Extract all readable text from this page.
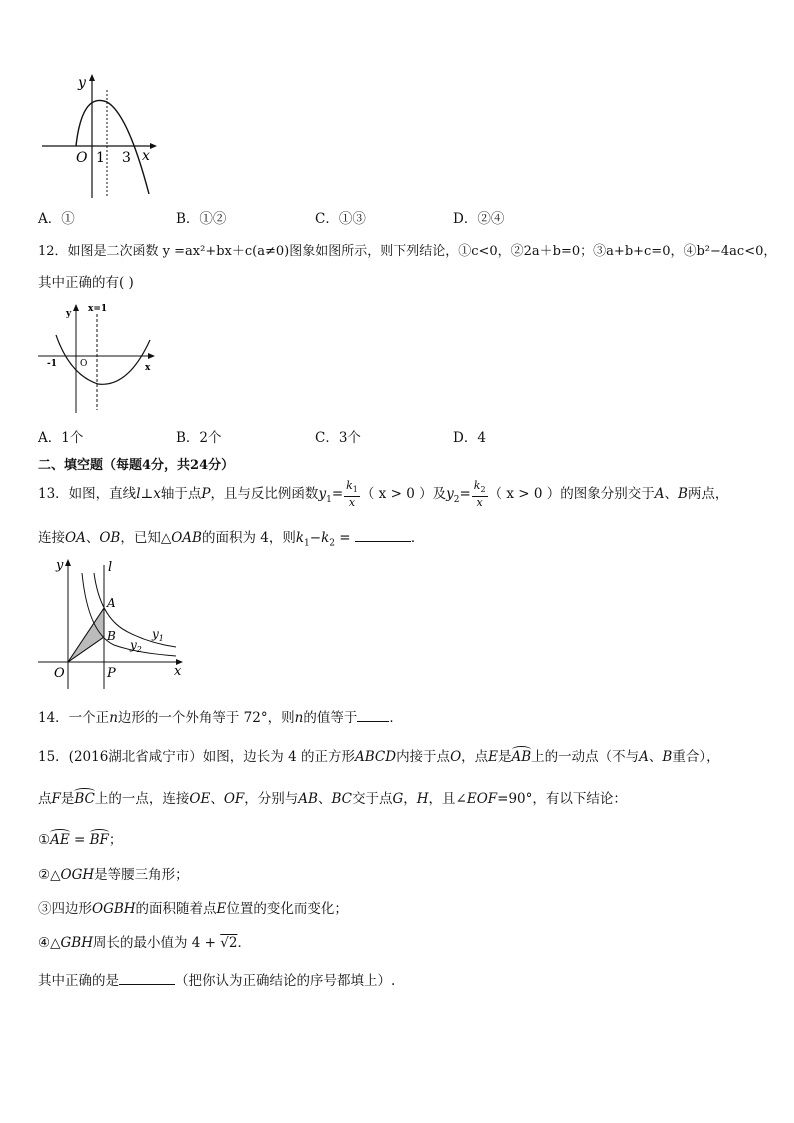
y
O 1 3 x
A．①	B．①②	C．①③	D．②④
12．如图是二次函数 y =ax²+bx＋c(a≠0)图象如图所示，则下列结论，①c<0，②2a＋b=0；③a+b+c=0，④b²−4ac<0，
其中正确的有( )
x=1
y
-1	O	x
A．1个	B．2个	C．3个	D．4
二、填空题（每题4分，共24分）
13．如图，直线l⊥x轴于点P，且与反比例函数$y_1= \frac{k_1}{x}$ （ x > 0 ）及$y_2= \frac{k_2}{x}$ （ x > 0 ）的图象分别交于A、B两点，
连接OA、OB，已知△OAB的面积为 4，则$k_1-k_2$ =	．
y	l
A
B	$y_1$
$y_2$
O	P	x
14．一个正n边形的一个外角等于 72°，则n的值等于 ．
15．(2016湖北省咸宁市）如图，边长为 4 的正方形ABCD内接于点O，点E是AB上的一动点（不与A、B重合），
点F是BC上的一点，连接OE、OF，分别与AB、BC交于点G，H，且∠EOF=90°，有以下结论：
①AE = BF；
②△OGH是等腰三角形；
③四边形OGBH的面积随着点E位置的变化而变化；
④△GBH周长的最小值为 4 + √2．
其中正确的是	（把你认为正确结论的序号都填上）.
